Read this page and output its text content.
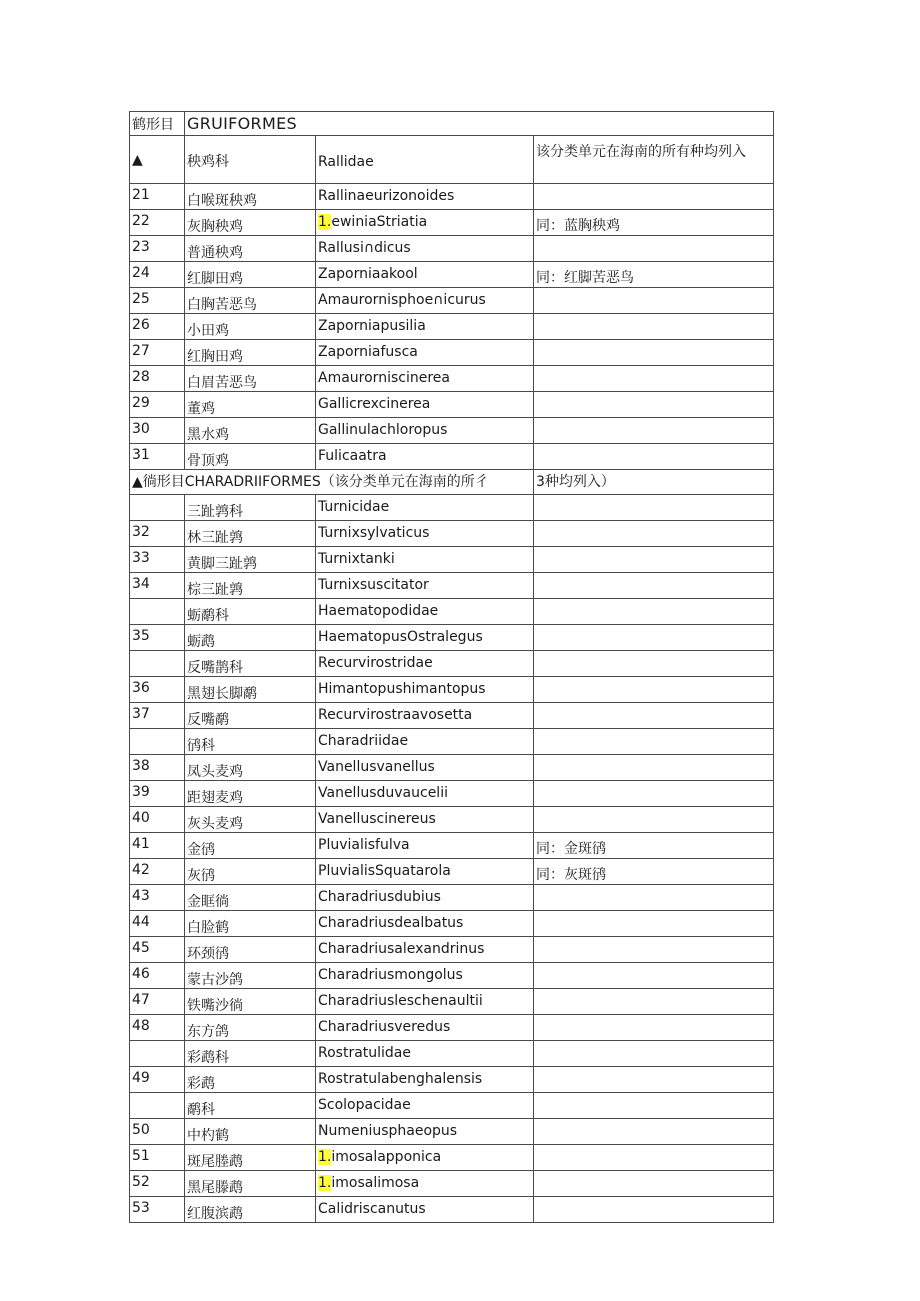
鹤形目	GRUIFORMES		
▲	秧鸡科	Rallidae	该分类单元在海南的所有种均列入
21	白喉斑秧鸡	Rallinaeurizonoides	
22	灰胸秧鸡	1.ewiniaStriatia	同：蓝胸秧鸡
23	普通秧鸡	Rallusi∩dicus	
24	红脚田鸡	Zaporniaakool	同：红脚苦恶鸟
25	白胸苦恶鸟	Amaurornisphoe∩icurus	
26	小田鸡	Zaporniapusilia	
27	红胸田鸡	Zaporniafusca	
28	白眉苦恶鸟	Amaurorniscinerea	
29	董鸡	Gallicrexcinerea	
30	黑水鸡	Gallinulachloropus	
31	骨顶鸡	Fulicaatra	
▲徜形目CHARADRIIFORMES（该分类单元在海南的所彳			3种均列入）
	三趾鹑科	Turnicidae	
32	林三趾鹑	Turnixsylvaticus	
33	黄脚三趾鹑	Turnixtanki	
34	棕三趾鹑	Turnixsuscitator	
	蛎鹬科	Haematopodidae	
35	蛎鹉	HaematopusOstralegus	
	反嘴鹊科	Recurvirostridae	
36	黑翅长脚鹬	Himantopushimantopus	
37	反嘴鹬	Recurvirostraavosetta	
	鸻科	Charadriidae	
38	凤头麦鸡	Vanellusvanellus	
39	距翅麦鸡	Vanellusduvaucelii	
40	灰头麦鸡	Vanelluscinereus	
41	金鸻	Pluvialisfulva	同：金斑鸻
42	灰鸻	PluvialisSquatarola	同：灰斑鸻
43	金眶徜	Charadriusdubius	
44	白脸鹤	Charadriusdealbatus	
45	环颈鸻	Charadriusalexandrinus	
46	蒙古沙鸽	Charadriusmongolus	
47	铁嘴沙徜	Charadriusleschenaultii	
48	东方鸽	Charadriusveredus	
	彩鹉科	Rostratulidae	
49	彩鹉	Rostratulabenghalensis	
	鹬科	Scolopacidae	
50	中杓鹤	Numeniusphaeopus	
51	斑尾塍鹉	1.imosalapponica	
52	黑尾滕鹉	1.imosalimosa	
53	红腹滨鹉	Calidriscanutus	
